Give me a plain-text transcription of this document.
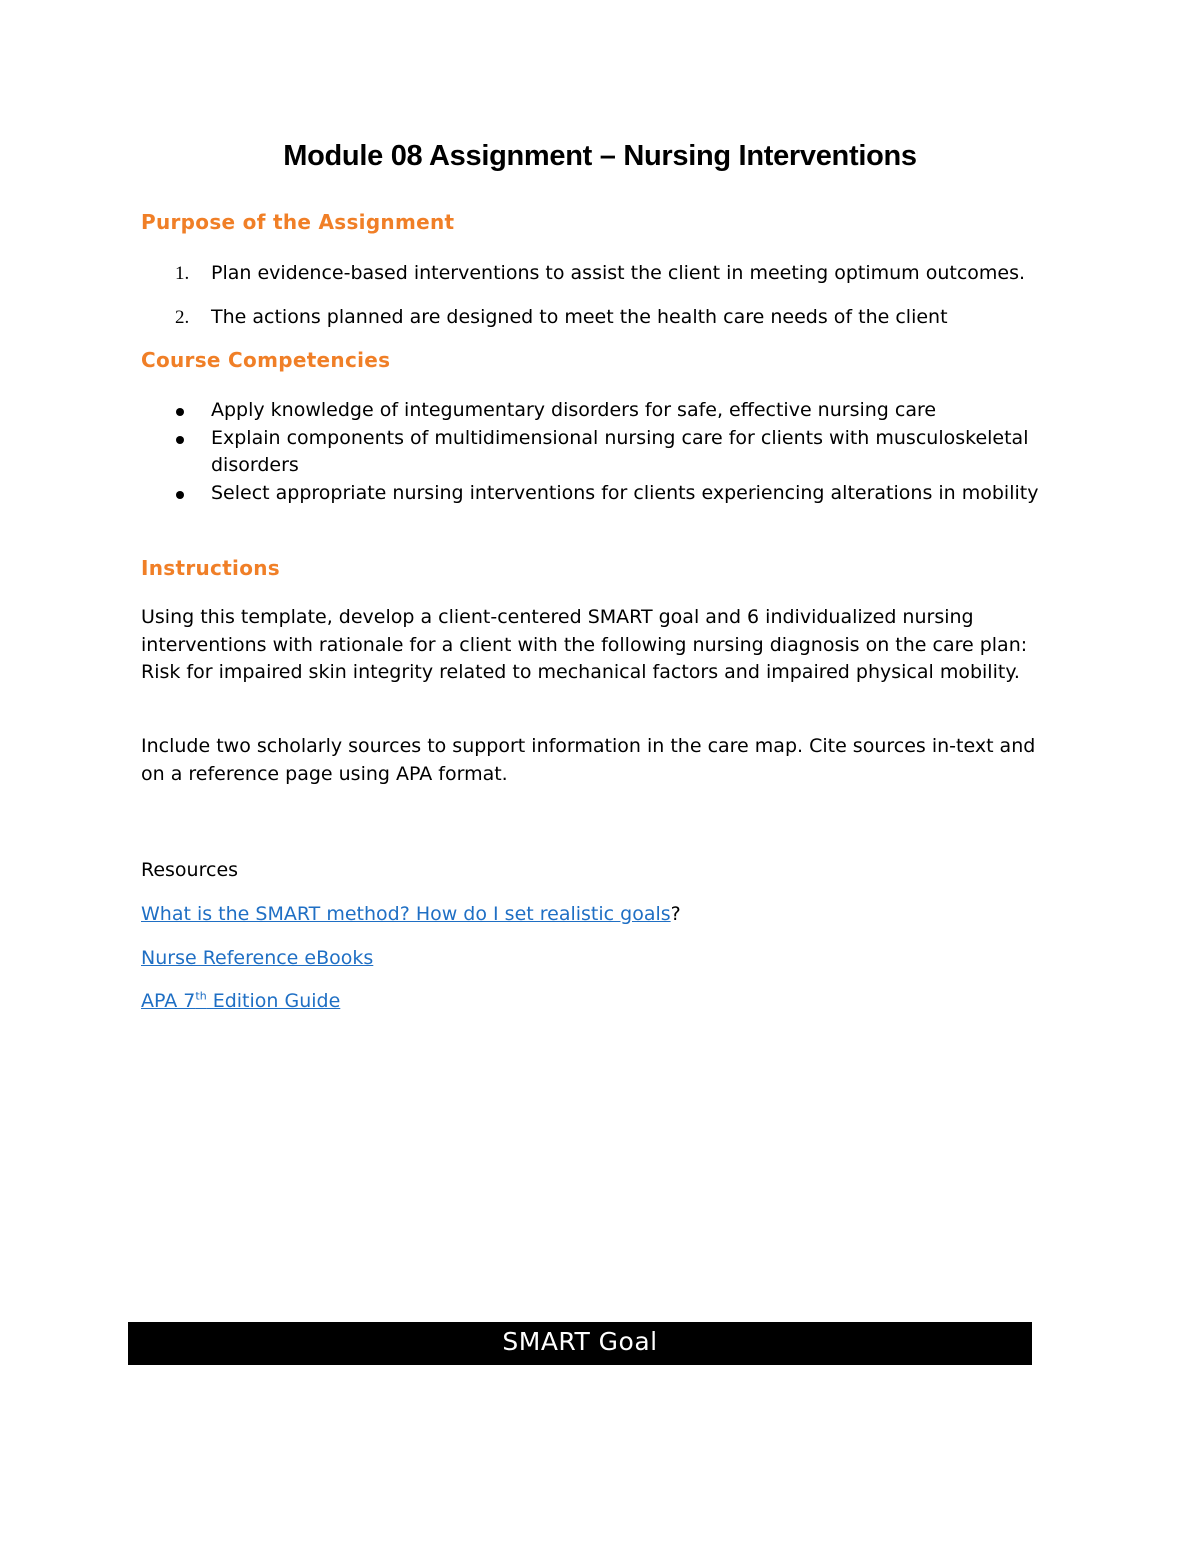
Module 08 Assignment – Nursing Interventions
Purpose of the Assignment
1. Plan evidence-based interventions to assist the client in meeting optimum outcomes.
2. The actions planned are designed to meet the health care needs of the client
Course Competencies
Apply knowledge of integumentary disorders for safe, effective nursing care
Explain components of multidimensional nursing care for clients with musculoskeletal disorders
Select appropriate nursing interventions for clients experiencing alterations in mobility
Instructions

Using this template, develop a client-centered SMART goal and 6 individualized nursing interventions with rationale for a client with the following nursing diagnosis on the care plan: Risk for impaired skin integrity related to mechanical factors and impaired physical mobility.

Include two scholarly sources to support information in the care map. Cite sources in-text and on a reference page using APA format.

Resources

What is the SMART method? How do I set realistic goals?

Nurse Reference eBooks

APA 7th Edition Guide

SMART Goal
